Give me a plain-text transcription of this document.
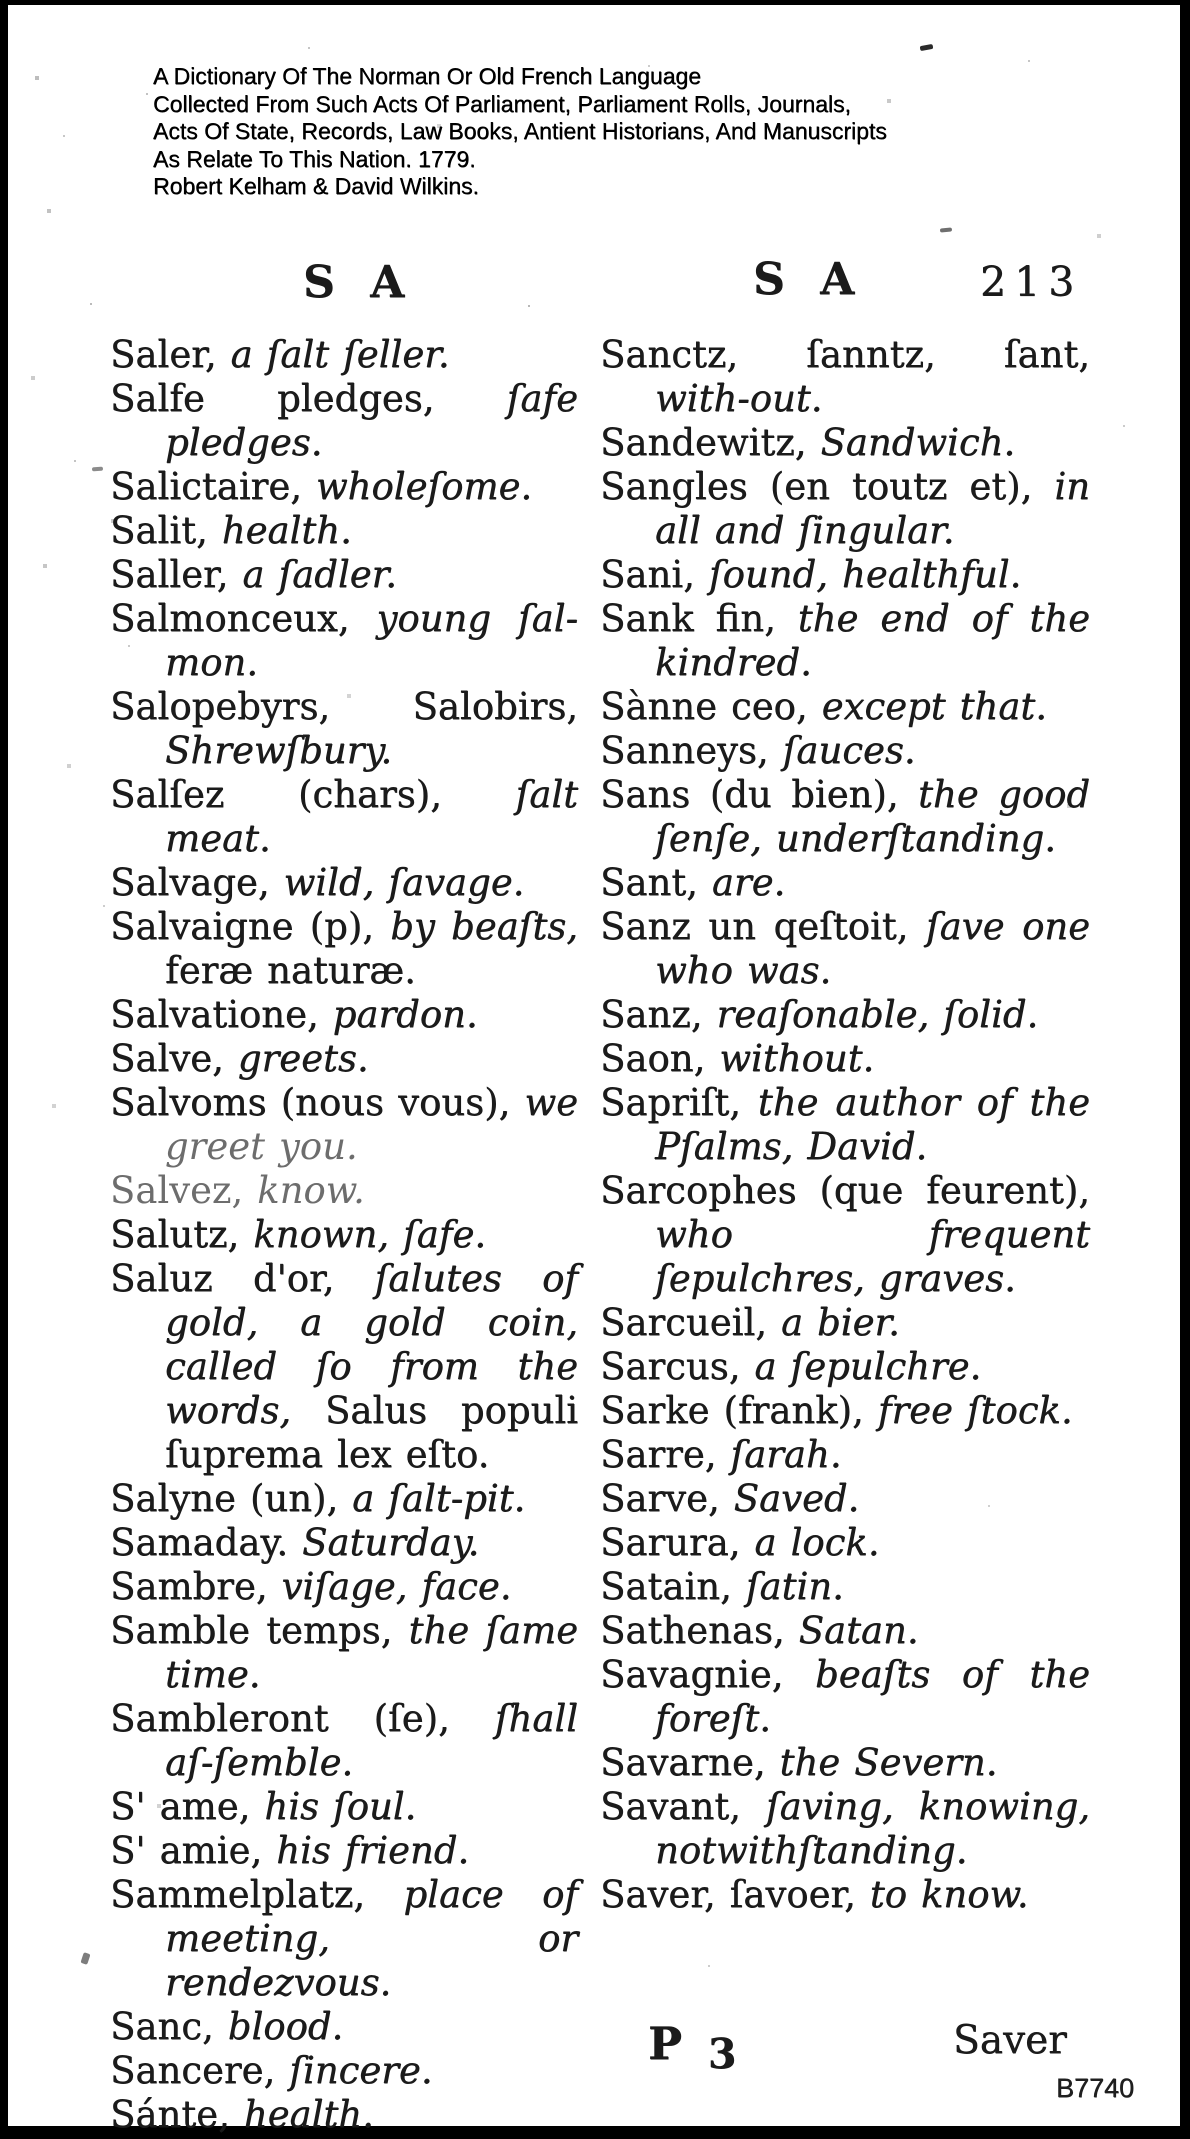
A Dictionary Of The Norman Or Old French Language
Collected From Such Acts Of Parliament, Parliament Rolls, Journals,
Acts Of State, Records, Law Books, Antient Historians, And Manuscripts
As Relate To This Nation. 1779.
Robert Kelham & David Wilkins.
S A	S A	213

Saler, a ſalt ſeller.

Salfe pledges, ſafe pledges.

Salictaire, wholeſome.

Salit, health.

Saller, a ſadler.

Salmonceux, young ſal-mon.

Salopebyrs, Salobirs, Shrewſbury.

Salſez (chars), ſalt meat.

Salvage, wild, ſavage.

Salvaigne (p), by beaſts, feræ naturæ.

Salvatione, pardon.

Salve, greets.

Salvoms (nous vous), we greet you.

Salvez, know.

Salutz, known, ſafe.

Saluz d'or, ſalutes of gold, a gold coin, called ſo from the words, Salus populi ſuprema lex eſto.

Salyne (un), a ſalt-pit.

Samaday. Saturday.

Sambre, viſage, face.

Samble temps, the ſame time.

Sambleront (ſe), ſhall aſ-ſemble.

S' ame, his ſoul.

S' amie, his friend.

Sammelplatz, place of meeting, or rendezvous.

Sanc, blood.

Sancere, ſincere.

Sánte, health.

Sanctz, ſanntz, ſant, with-out.

Sandewitz, Sandwich.

Sangles (en toutz et), in all and ſingular.

Sani, ſound, healthful.

Sank fin, the end of the kindred.

Sànne ceo, except that.

Sanneys, ſauces.

Sans (du bien), the good ſenſe, underſtanding.

Sant, are.

Sanz un qeſtoit, ſave one who was.

Sanz, reaſonable, ſolid.

Saon, without.

Sapriſt, the author of the Pſalms, David.

Sarcophes (que feurent), who frequent ſepulchres, graves.

Sarcueil, a bier.

Sarcus, a ſepulchre.

Sarke (frank), free ſtock.

Sarre, ſarah.

Sarve, Saved.

Sarura, a lock.

Satain, ſatin.

Sathenas, Satan.

Savagnie, beaſts of the foreſt.

Savarne, the Severn.

Savant, ſaving, knowing, notwithſtanding.

Saver, ſavoer, to know.

P 3	Saver
B7740
